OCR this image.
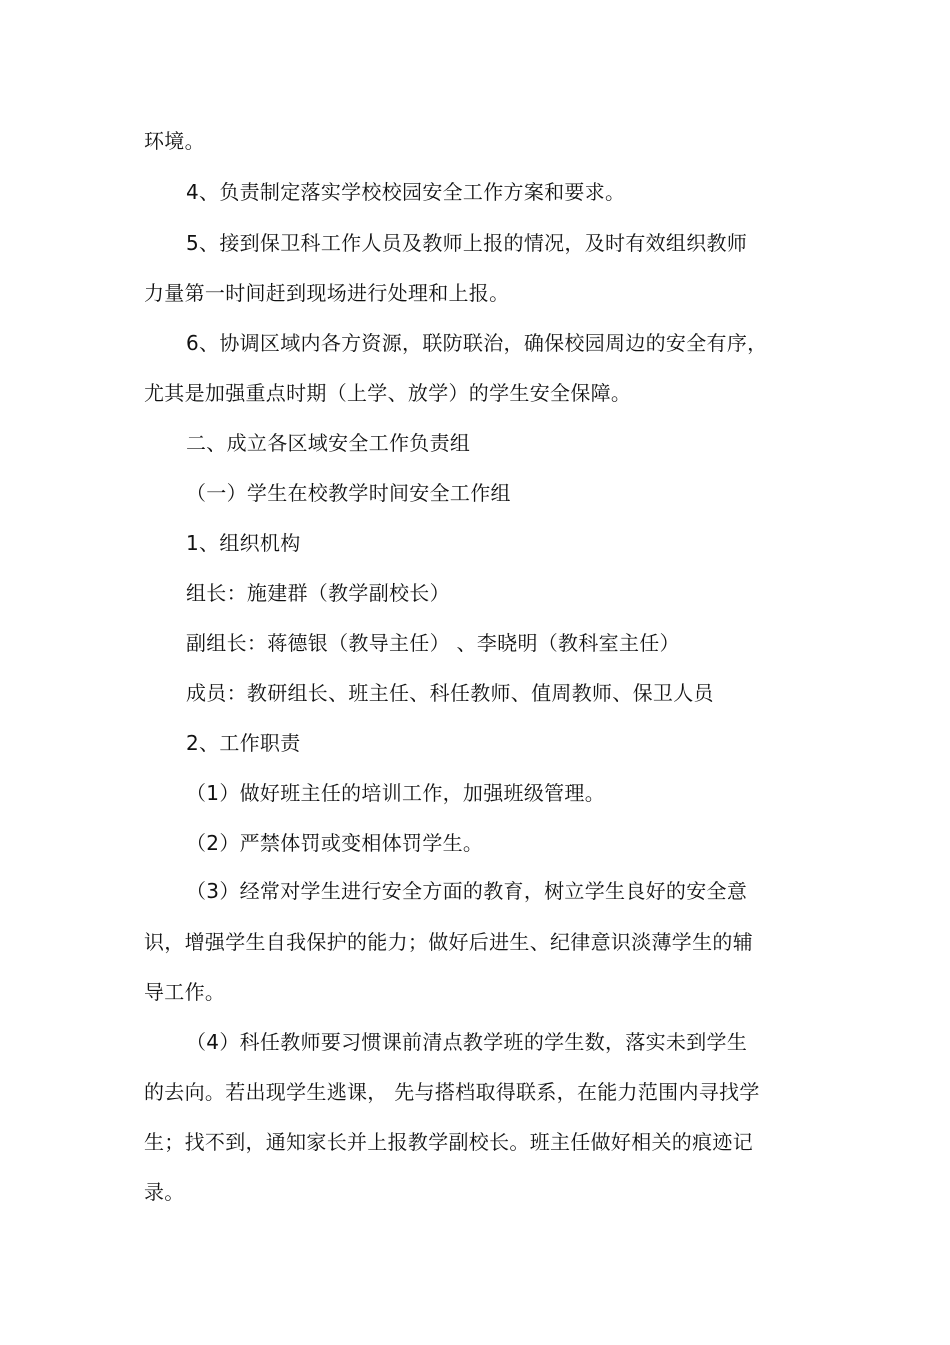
环境。
4、负责制定落实学校校园安全工作方案和要求。
5、接到保卫科工作人员及教师上报的情况，及时有效组织教师
力量第一时间赶到现场进行处理和上报。
6、协调区域内各方资源，联防联治，确保校园周边的安全有序，
尤其是加强重点时期（上学、放学）的学生安全保障。
二、成立各区域安全工作负责组
（一）学生在校教学时间安全工作组
1、组织机构
组长：施建群（教学副校长）
副组长：蒋德银（教导主任） 、李晓明（教科室主任）
成员：教研组长、班主任、科任教师、值周教师、保卫人员
2、工作职责
（1）做好班主任的培训工作，加强班级管理。
（2）严禁体罚或变相体罚学生。
（3）经常对学生进行安全方面的教育，树立学生良好的安全意
识，增强学生自我保护的能力；做好后进生、纪律意识淡薄学生的辅
导工作。
（4）科任教师要习惯课前清点教学班的学生数，落实未到学生
的去向。若出现学生逃课， 先与搭档取得联系，在能力范围内寻找学
生；找不到，通知家长并上报教学副校长。班主任做好相关的痕迹记
录。
